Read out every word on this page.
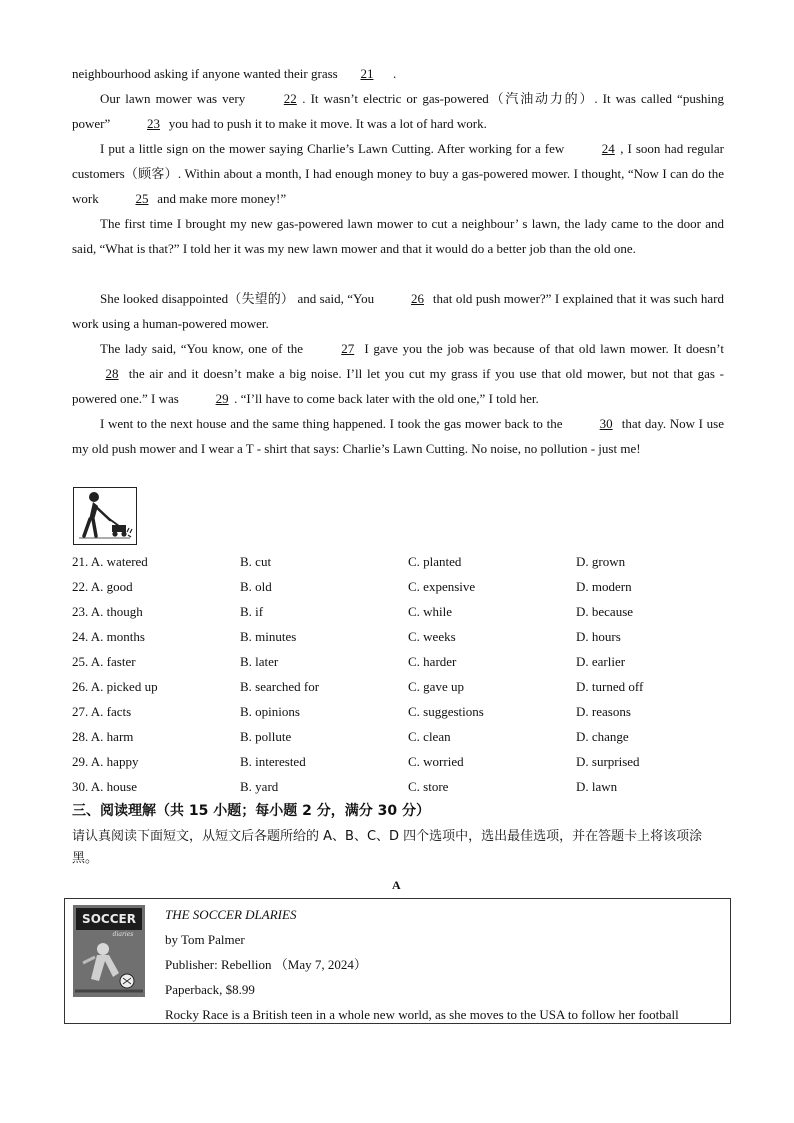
neighbourhood asking if anyone wanted their grass 21 .

Our lawn mower was very	22 . It wasn’t electric or gas-powered（汽油动力的）. It was called “pushing power”	23 you had to push it to make it move. It was a lot of hard work.

I put a little sign on the mower saying Charlie’s Lawn Cutting. After working for a few	24 , I soon had regular customers（顾客）. Within about a month, I had enough money to buy a gas-powered mower. I thought, “Now I can do the work	25 and make more money!”

The first time I brought my new gas-powered lawn mower to cut a neighbour’ s lawn, the lady came to the door and said, “What is that?” I told her it was my new lawn mower and that it would do a better job than the old one.

She looked disappointed（失望的） and said, “You	26 that old push mower?” I explained that it was such hard work using a human-powered mower.

The lady said, “You know, one of the	27 I gave you the job was because of that old lawn mower. It doesn’t 28 the air and it doesn’t make a big noise. I’ll let you cut my grass if you use that old mower, but not that gas - powered one.” I was	29 . “I’ll have to come back later with the old one,” I told her.

I went to the next house and the same thing happened. I took the gas mower back to the	30 that day. Now I use my old push mower and I wear a T - shirt that says: Charlie’s Lawn Cutting. No noise, no pollution - just me!

21. A. watered	B. cut	C. planted	D. grown
22. A. good	B. old	C. expensive	D. modern
23. A. though	B. if	C. while	D. because
24. A. months	B. minutes	C. weeks	D. hours
25. A. faster	B. later	C. harder	D. earlier
26. A. picked up	B. searched for	C. gave up	D. turned off
27. A. facts	B. opinions	C. suggestions	D. reasons
28. A. harm	B. pollute	C. clean	D. change
29. A. happy	B. interested	C. worried	D. surprised
30. A. house	B. yard	C. store	D. lawn
三、阅读理解（共 15 小题；每小题 2 分，满分 30 分）
请认真阅读下面短文，从短文后各题所给的 A、B、C、D 四个选项中，选出最佳选项，并在答题卡上将该项涂黑。
A
SOCCER
diaries
THE SOCCER DLARIES
by Tom Palmer
Publisher: Rebellion （May 7, 2024）
Paperback, $8.99
Rocky Race is a British teen in a whole new world, as she moves to the USA to follow her football
